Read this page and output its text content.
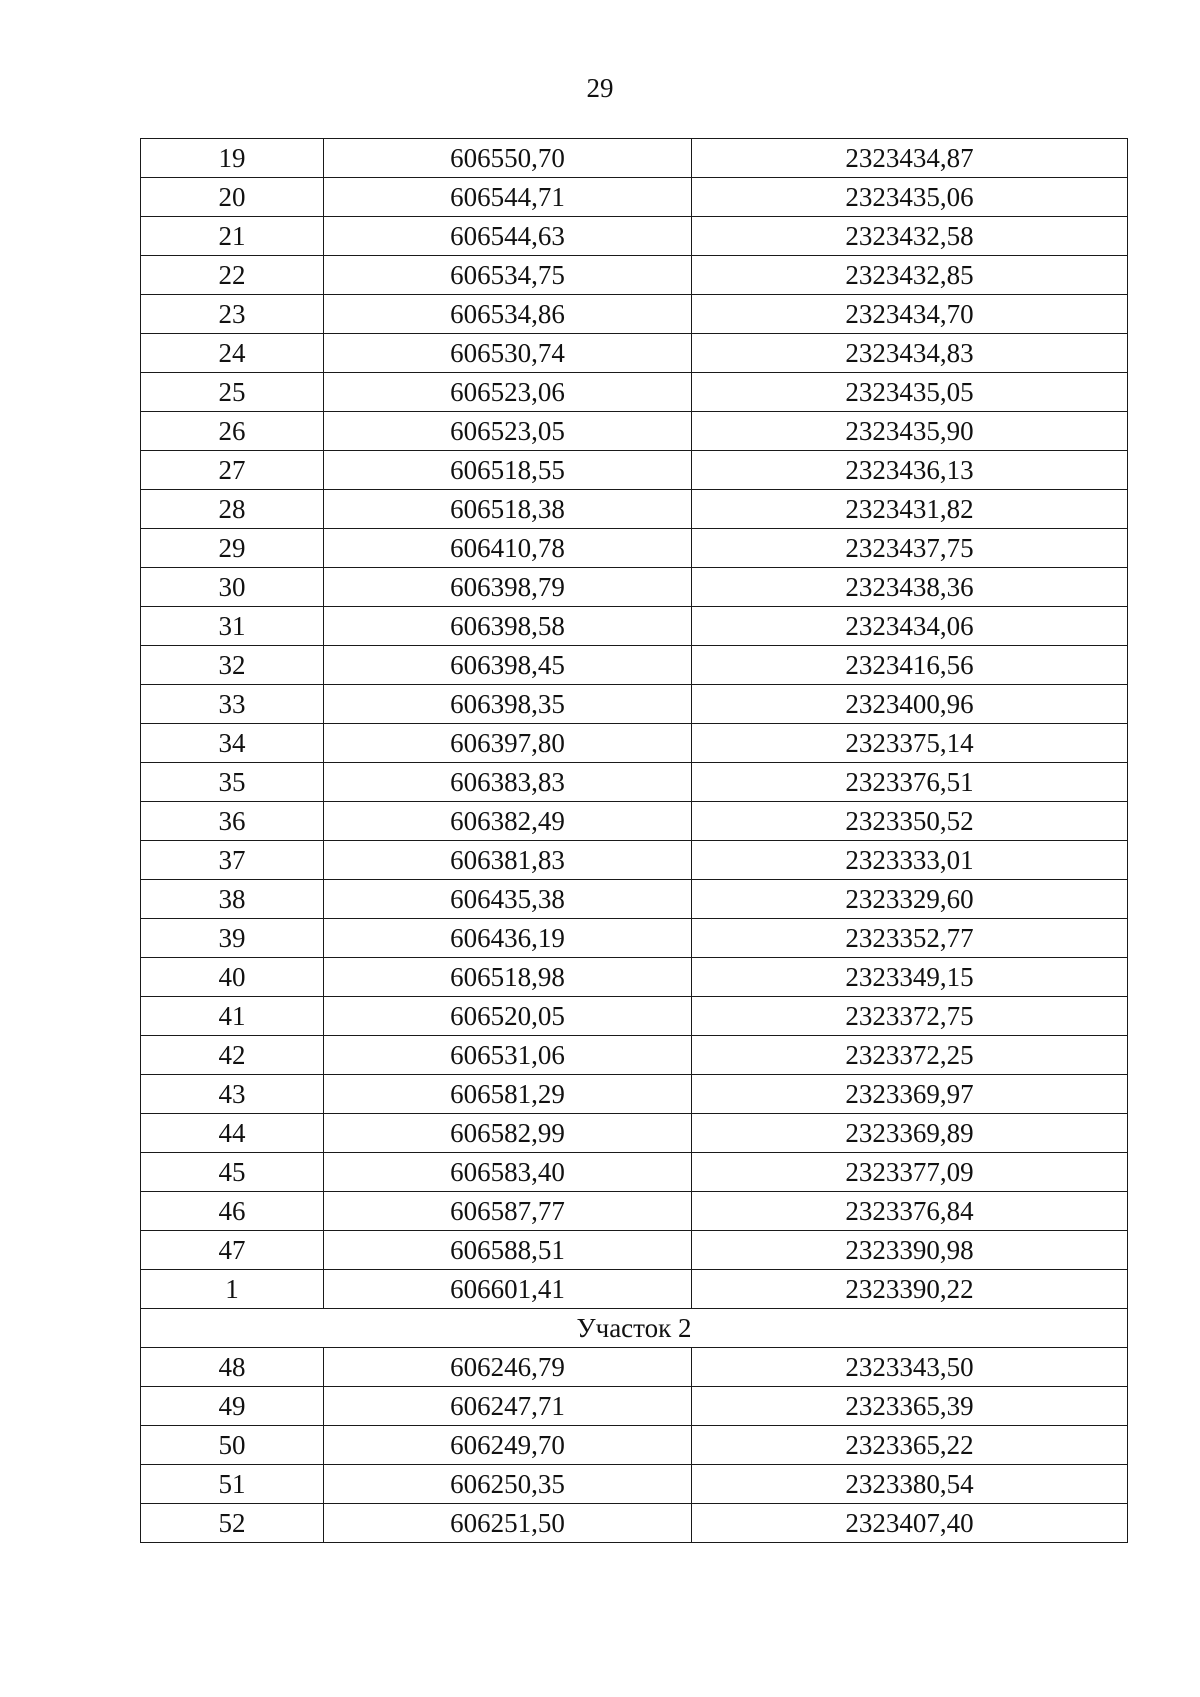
29
19	606550,70	2323434,87
20	606544,71	2323435,06
21	606544,63	2323432,58
22	606534,75	2323432,85
23	606534,86	2323434,70
24	606530,74	2323434,83
25	606523,06	2323435,05
26	606523,05	2323435,90
27	606518,55	2323436,13
28	606518,38	2323431,82
29	606410,78	2323437,75
30	606398,79	2323438,36
31	606398,58	2323434,06
32	606398,45	2323416,56
33	606398,35	2323400,96
34	606397,80	2323375,14
35	606383,83	2323376,51
36	606382,49	2323350,52
37	606381,83	2323333,01
38	606435,38	2323329,60
39	606436,19	2323352,77
40	606518,98	2323349,15
41	606520,05	2323372,75
42	606531,06	2323372,25
43	606581,29	2323369,97
44	606582,99	2323369,89
45	606583,40	2323377,09
46	606587,77	2323376,84
47	606588,51	2323390,98
1	606601,41	2323390,22
Участок 2		
48	606246,79	2323343,50
49	606247,71	2323365,39
50	606249,70	2323365,22
51	606250,35	2323380,54
52	606251,50	2323407,40
